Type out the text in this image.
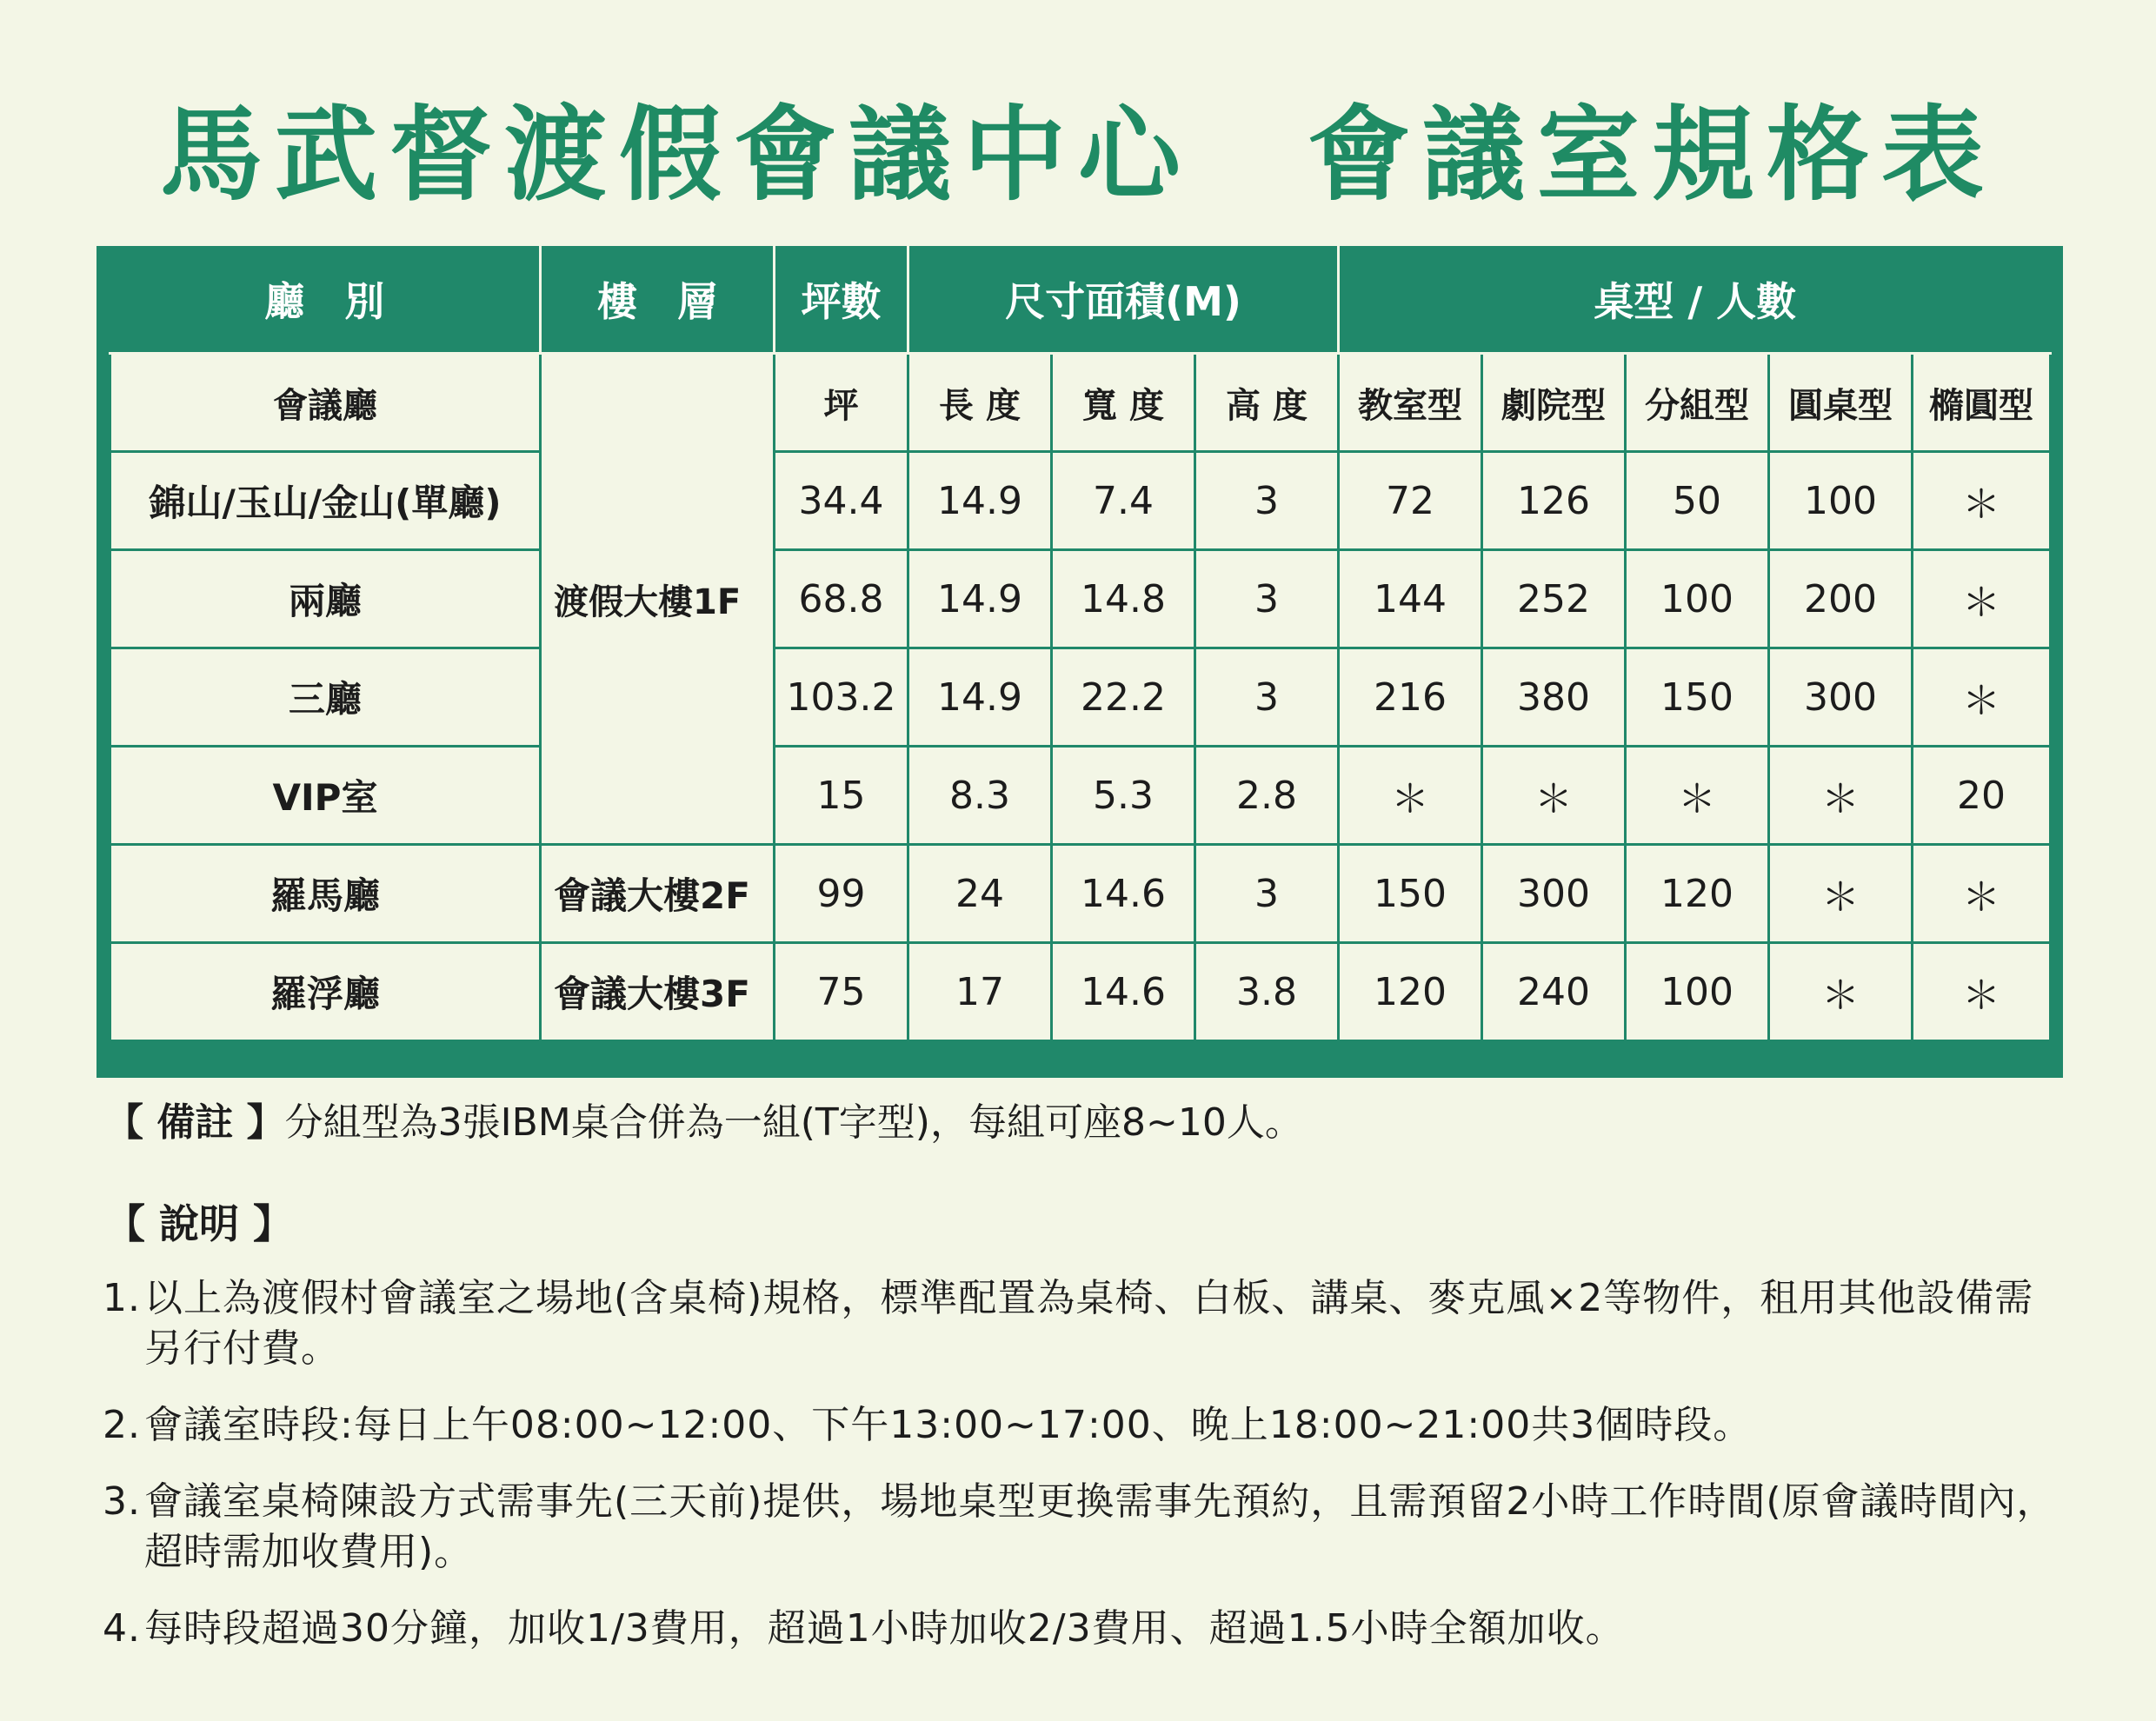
馬武督渡假會議中心　會議室規格表
廳　別	樓　層	坪數	尺寸面積(M)			桌型 / 人數				
會議廳	渡假大樓1F	坪	長 度	寬 度	高 度	教室型	劇院型	分組型	圓桌型	橢圓型
錦山/玉山/金山(單廳)		34.4	14.9	7.4	3	72	126	50	100	＊
兩廳		68.8	14.9	14.8	3	144	252	100	200	＊
三廳		103.2	14.9	22.2	3	216	380	150	300	＊
VIP室		15	8.3	5.3	2.8	＊	＊	＊	＊	20
羅馬廳	會議大樓2F	99	24	14.6	3	150	300	120	＊	＊
羅浮廳	會議大樓3F	75	17	14.6	3.8	120	240	100	＊	＊
【 備註 】分組型為3張IBM桌合併為一組(T字型)，每組可座8~10人。
【 說明 】
1. 以上為渡假村會議室之場地(含桌椅)規格，標準配置為桌椅、白板、講桌、麥克風×2等物件，租用其他設備需另行付費。
2. 會議室時段:每日上午08:00~12:00、下午13:00~17:00、晚上18:00~21:00共3個時段。
3. 會議室桌椅陳設方式需事先(三天前)提供，場地桌型更換需事先預約，且需預留2小時工作時間(原會議時間內，超時需加收費用)。
4. 每時段超過30分鐘，加收1/3費用，超過1小時加收2/3費用、超過1.5小時全額加收。
